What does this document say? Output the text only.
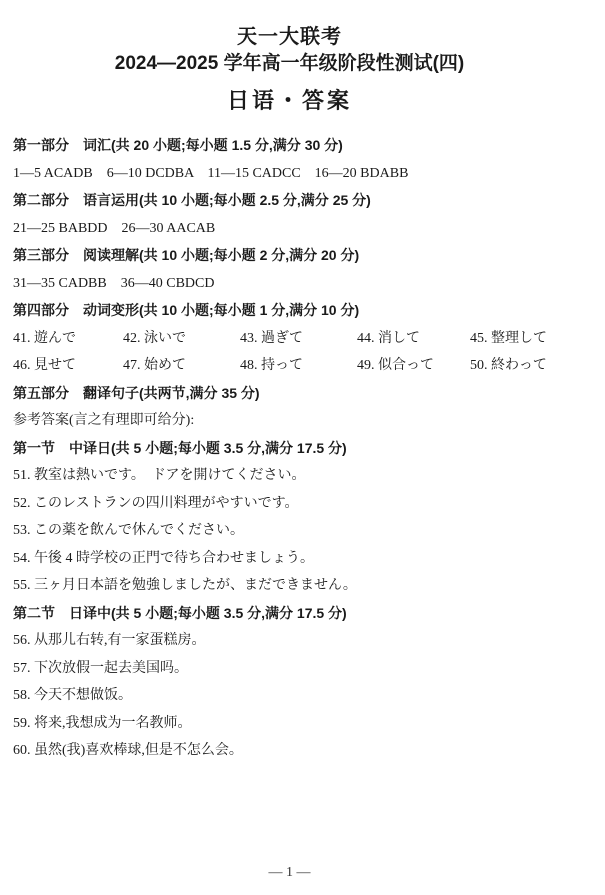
天一大联考
2024—2025 学年高一年级阶段性测试(四)
日语・答案
第一部分　词汇(共 20 小题;每小题 1.5 分,满分 30 分)
1—5 ACADB　6—10 DCDBA　11—15 CADCC　16—20 BDABB
第二部分　语言运用(共 10 小题;每小题 2.5 分,满分 25 分)
21—25 BABDD　26—30 AACAB
第三部分　阅读理解(共 10 小题;每小题 2 分,满分 20 分)
31—35 CADBB　36—40 CBDCD
第四部分　动词变形(共 10 小题;每小题 1 分,满分 10 分)
41. 遊んで	42. 泳いで	43. 過ぎて	44. 消して	45. 整理して
46. 見せて	47. 始めて	48. 持って	49. 似合って	50. 終わって
第五部分　翻译句子(共两节,满分 35 分)
参考答案(言之有理即可给分):
第一节　中译日(共 5 小题;每小题 3.5 分,满分 17.5 分)
51. 教室は熱いです。　ドアを開けてください。
52. このレストランの四川料理がやすいです。
53. この薬を飲んで休んでください。
54. 午後 4 時学校の正門で待ち合わせましょう。
55. 三ヶ月日本語を勉強しましたが、まだできません。
第二节　日译中(共 5 小题;每小题 3.5 分,满分 17.5 分)
56. 从那儿右转,有一家蛋糕房。
57. 下次放假一起去美国吗。
58. 今天不想做饭。
59. 将来,我想成为一名教师。
60. 虽然(我)喜欢棒球,但是不怎么会。
— 1 —
